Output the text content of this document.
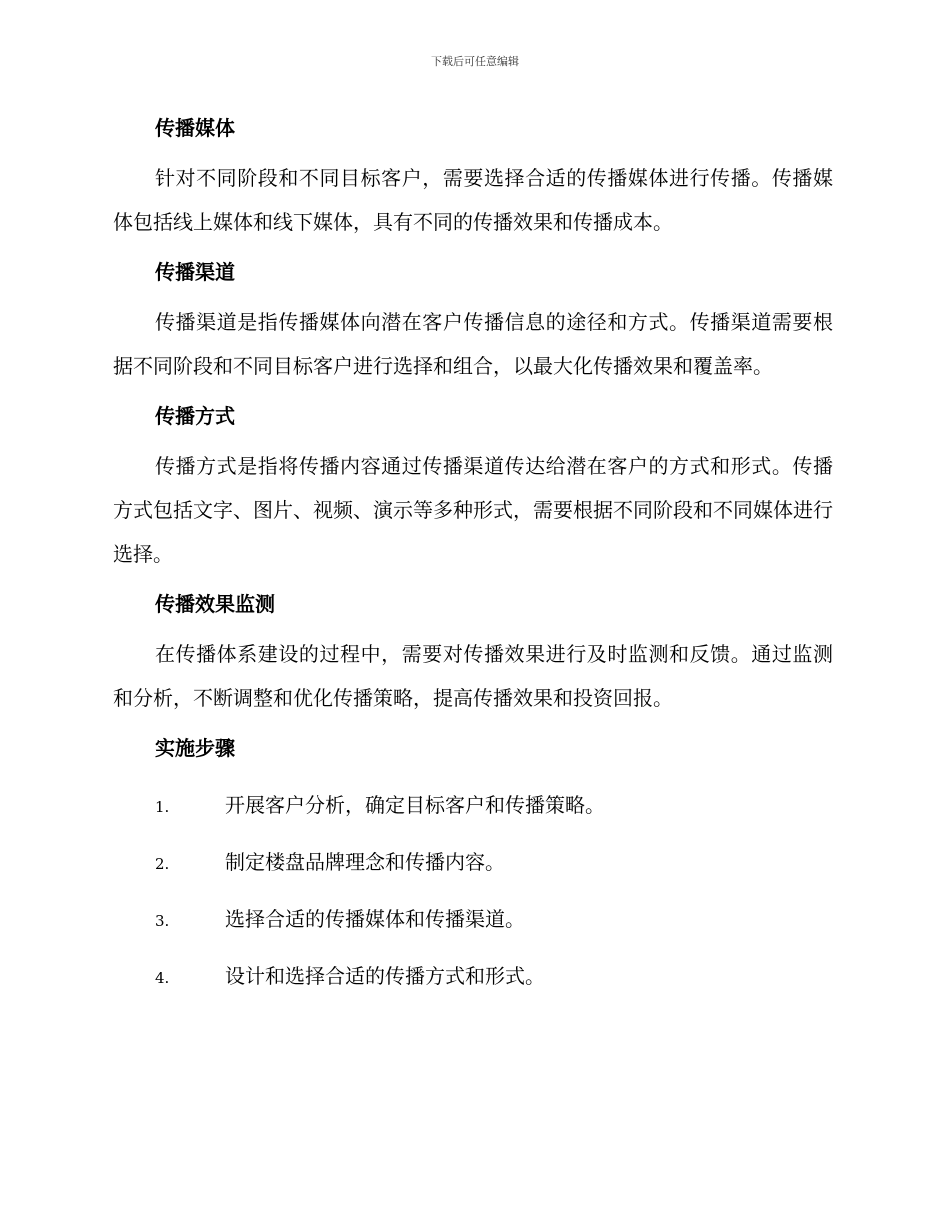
下载后可任意编辑
传播媒体

针对不同阶段和不同目标客户，需要选择合适的传播媒体进行传播。传播媒体包括线上媒体和线下媒体，具有不同的传播效果和传播成本。

传播渠道

传播渠道是指传播媒体向潜在客户传播信息的途径和方式。传播渠道需要根据不同阶段和不同目标客户进行选择和组合，以最大化传播效果和覆盖率。

传播方式

传播方式是指将传播内容通过传播渠道传达给潜在客户的方式和形式。传播方式包括文字、图片、视频、演示等多种形式，需要根据不同阶段和不同媒体进行选择。

传播效果监测

在传播体系建设的过程中，需要对传播效果进行及时监测和反馈。通过监测和分析，不断调整和优化传播策略，提高传播效果和投资回报。

实施步骤
1.	开展客户分析，确定目标客户和传播策略。
2.	制定楼盘品牌理念和传播内容。
3.	选择合适的传播媒体和传播渠道。
4.	设计和选择合适的传播方式和形式。
